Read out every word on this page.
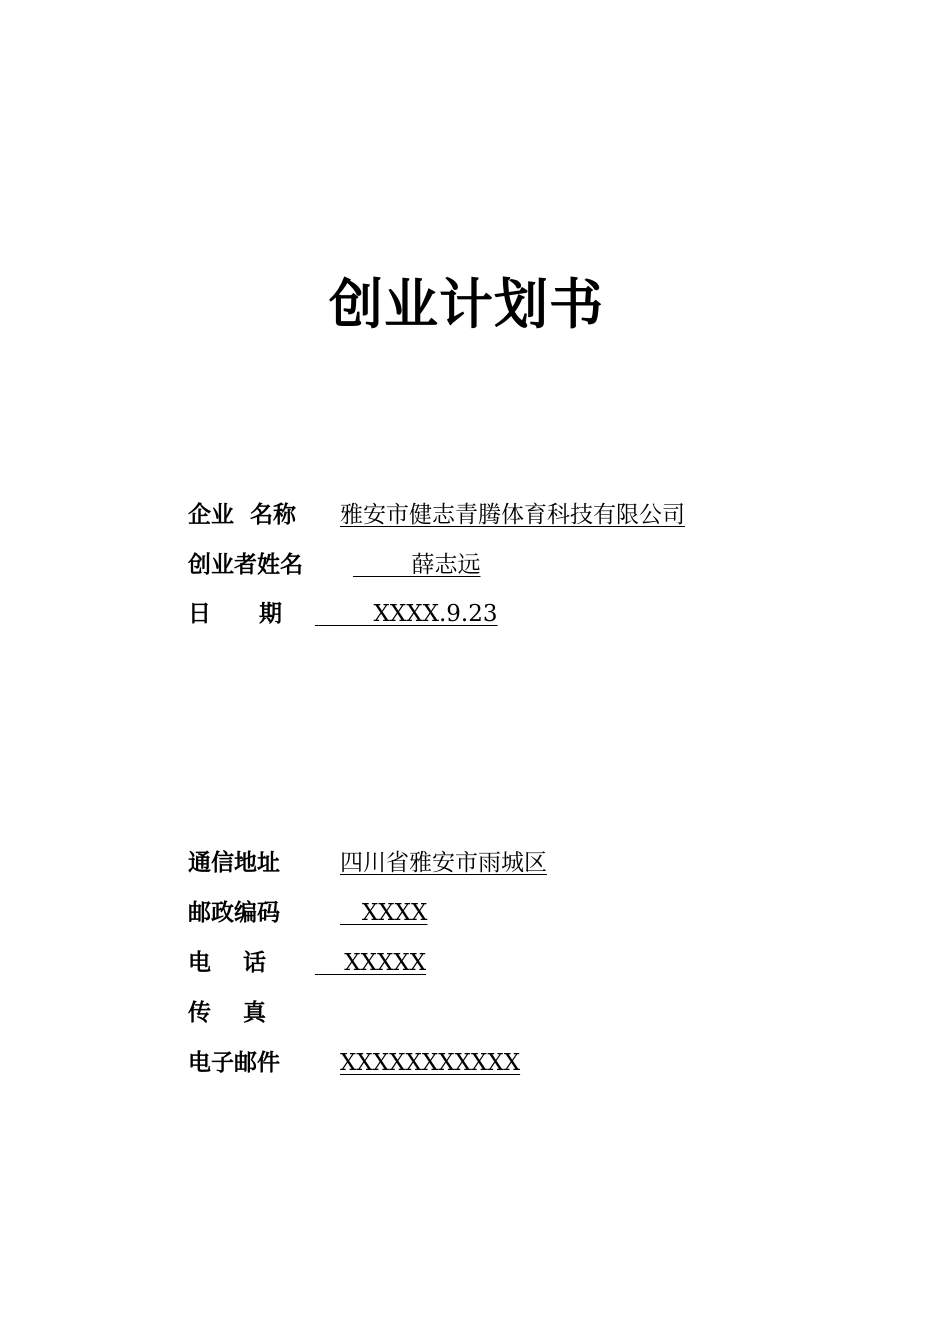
创业计划书
企业  名称 雅安市健志青腾体育科技有限公司
创业者姓名 薛志远
日      期 XXXX.9.23
通信地址	四川省雅安市雨城区
邮政编码	XXXX
电    话 XXXXX
传    真
电子邮件	XXXXXXXXXXX
